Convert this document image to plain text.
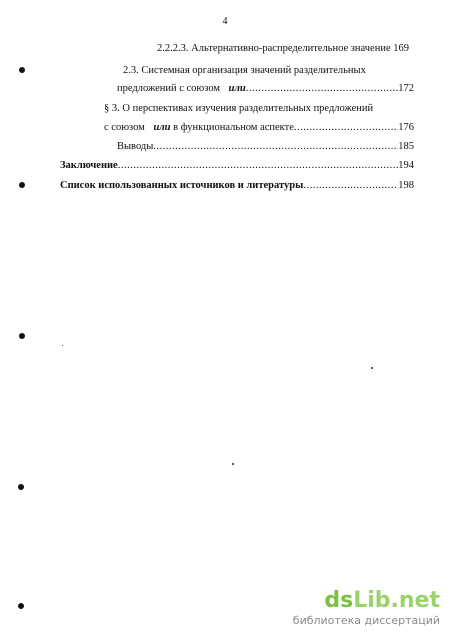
4
2.2.2.3. Альтернативно-распределительное значение 169
2.3. Системная организация значений разделительных
предложений с союзом или .....	172
§ 3. О перспективах изучения разделительных предложений
с союзом или в функциональном аспекте .....	176
Выводы .....	185
Заключение .....	194
Список использованных источников и литературы .....	198
dsLib.net
библиотека диссертаций
